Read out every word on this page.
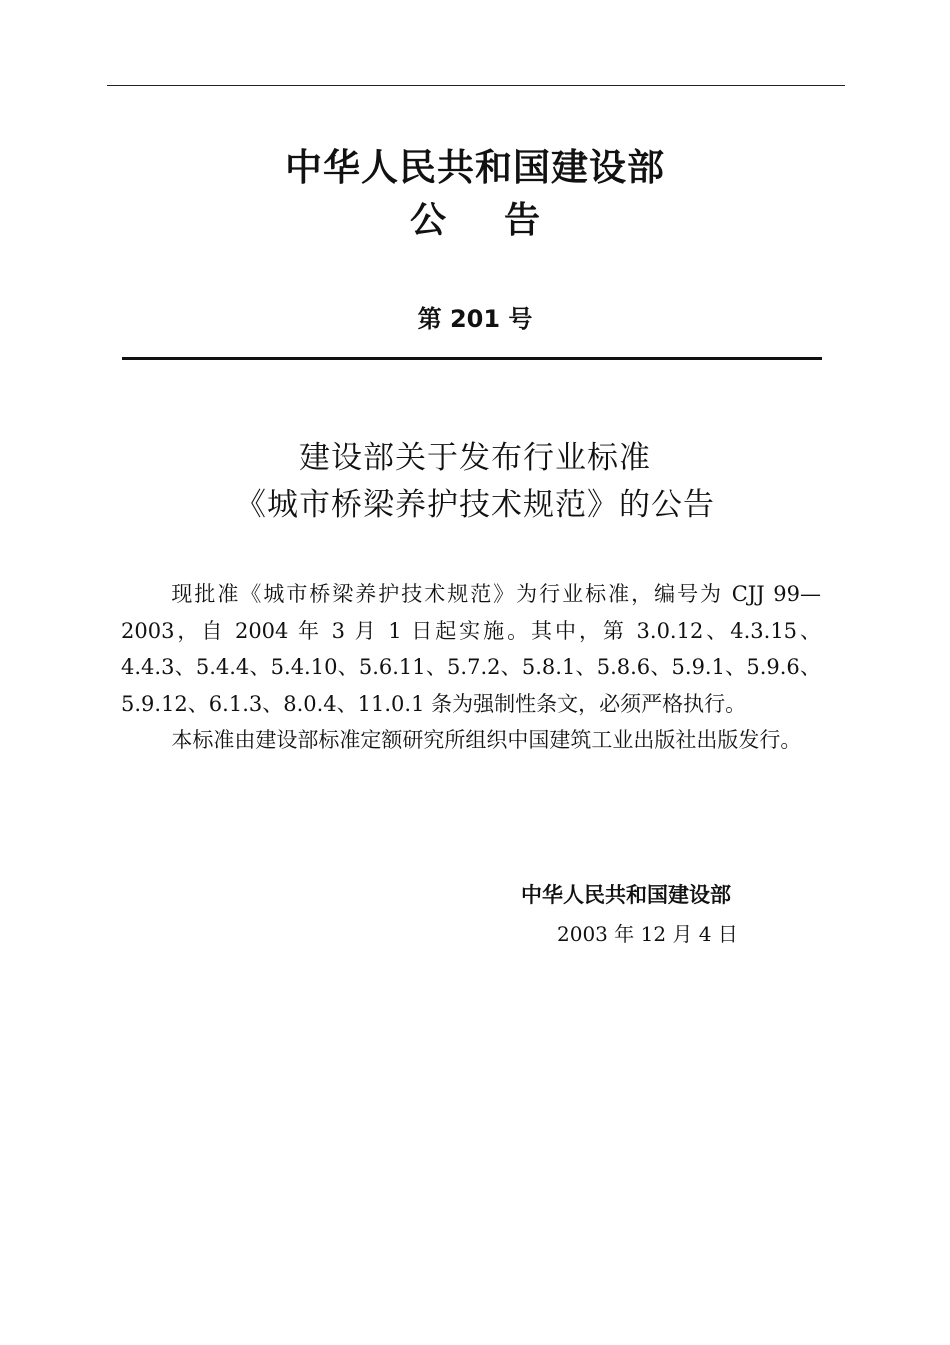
中华人民共和国建设部
公 告
第 201 号
建设部关于发布行业标准
《城市桥梁养护技术规范》的公告

现批准《城市桥梁养护技术规范》为行业标准，编号为 CJJ 99—2003，自 2004 年 3 月 1 日起实施。其中，第 3.0.12、4.3.15、4.4.3、5.4.4、5.4.10、5.6.11、5.7.2、5.8.1、5.8.6、5.9.1、5.9.6、5.9.12、6.1.3、8.0.4、11.0.1 条为强制性条文，必须严格执行。

本标准由建设部标准定额研究所组织中国建筑工业出版社出版发行。

中华人民共和国建设部
2003 年 12 月 4 日
